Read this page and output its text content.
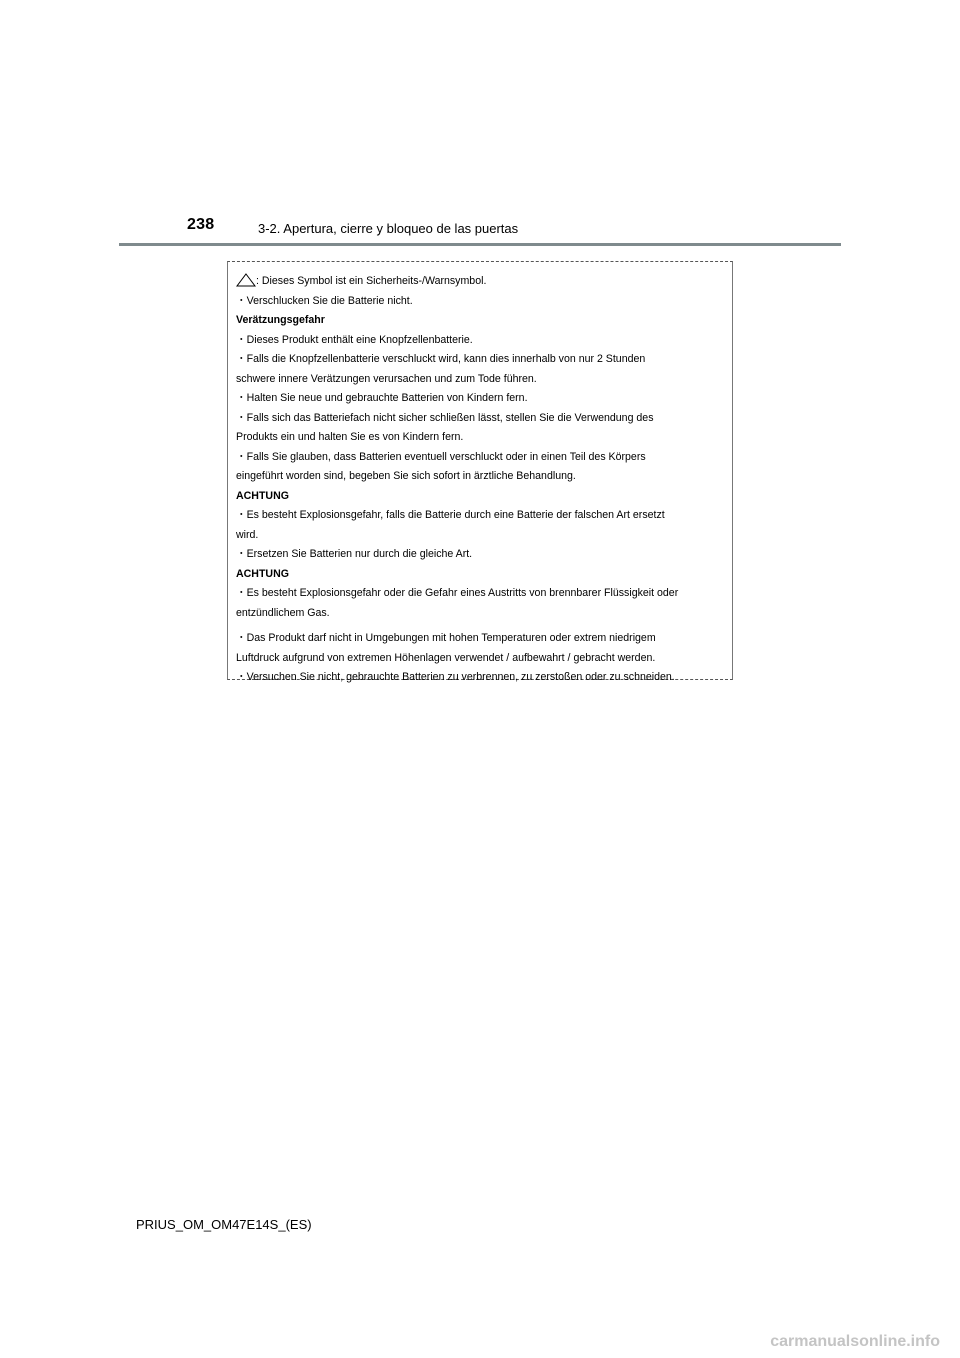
238	3-2. Apertura, cierre y bloqueo de las puertas
: Dieses Symbol ist ein Sicherheits-/Warnsymbol.
・Verschlucken Sie die Batterie nicht.
Verätzungsgefahr
・Dieses Produkt enthält eine Knopfzellenbatterie.
・Falls die Knopfzellenbatterie verschluckt wird, kann dies innerhalb von nur 2 Stunden
schwere innere Verätzungen verursachen und zum Tode führen.
・Halten Sie neue und gebrauchte Batterien von Kindern fern.
・Falls sich das Batteriefach nicht sicher schließen lässt, stellen Sie die Verwendung des
Produkts ein und halten Sie es von Kindern fern.
・Falls Sie glauben, dass Batterien eventuell verschluckt oder in einen Teil des Körpers
eingeführt worden sind, begeben Sie sich sofort in ärztliche Behandlung.
ACHTUNG
・Es besteht Explosionsgefahr, falls die Batterie durch eine Batterie der falschen Art ersetzt
wird.
・Ersetzen Sie Batterien nur durch die gleiche Art.
ACHTUNG
・Es besteht Explosionsgefahr oder die Gefahr eines Austritts von brennbarer Flüssigkeit oder
entzündlichem Gas.
・Das Produkt darf nicht in Umgebungen mit hohen Temperaturen oder extrem niedrigem
Luftdruck aufgrund von extremen Höhenlagen verwendet / aufbewahrt / gebracht werden.
・Versuchen Sie nicht, gebrauchte Batterien zu verbrennen, zu zerstoßen oder zu schneiden.
PRIUS_OM_OM47E14S_(ES)
carmanualsonline.info
